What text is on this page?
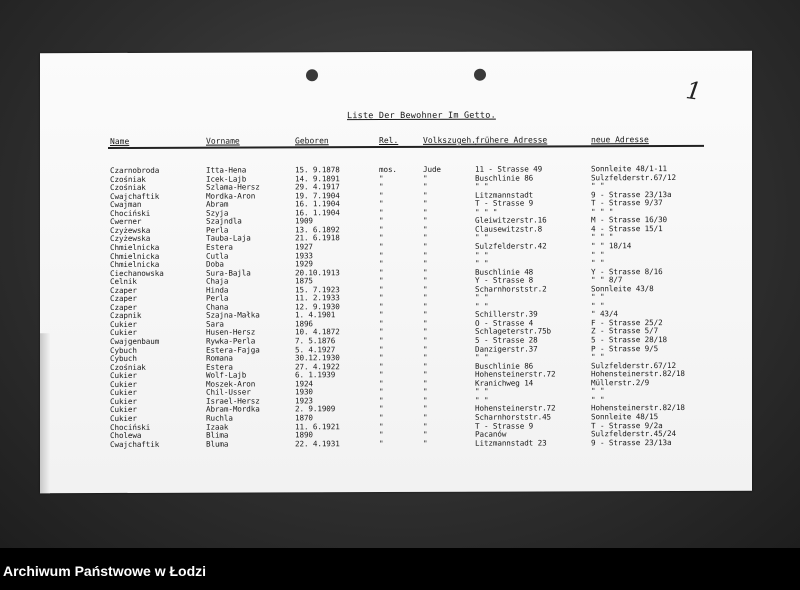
1
Liste Der Bewohner Im Getto.
Name	Vorname	Geboren	Rel.	Volkszugeh. frühere Adresse	neue Adresse
Czarnobroda	Itta-Hena	15. 9.1878	mos.	Jude	11 - Strasse 49	Sonnleite 48/1-11
Czośniak	Icek-Lajb	14. 9.1891	"	"	Buschlinie 86	Sulzfelderstr.67/12
Czośniak	Szlama-Hersz	29. 4.1917	"	"	" "	" "
Cwajchaftik	Mordka-Aron	19. 7.1904	"	"	Litzmannstadt	9 - Strasse 23/13a
Cwajman	Abram	16. 1.1904	"	"	T - Strasse 9	T - Strasse 9/37
Chociński	Szyja	16. 1.1904	"	"	" " "	" " "
Cwerner	Szajndla	1909	"	"	Gleiwitzerstr.16	M - Strasse 16/30
Czyżewska	Perla	13. 6.1892	"	"	Clausewitzstr.8	4 - Strasse 15/1
Czyżewska	Tauba-Laja	21. 6.1918	"	"	" "	" " "
Chmielnicka	Estera	1927	"	"	Sulzfelderstr.42	" " 18/14
Chmielnicka	Cutla	1933	"	"	" "	" "
Chmielnicka	Doba	1929	"	"	" "	" "
Ciechanowska	Sura-Bajla	20.10.1913	"	"	Buschlinie 48	Y - Strasse 8/16
Celnik	Chaja	1875	"	"	Y - Strasse 8	" " 8/7
Czaper	Hinda	15. 7.1923	"	"	Scharnhorststr.2	Sonnleite 43/8
Czaper	Perla	11. 2.1933	"	"	" "	" "
Czaper	Chana	12. 9.1930	"	"	" "	" "
Czapnik	Szajna-Małka	1. 4.1901	"	"	Schillerstr.39	" 43/4
Cukier	Sara	1896	"	"	O - Strasse 4	F - Strasse 25/2
Cukier	Husen-Hersz	10. 4.1872	"	"	Schlageterstr.75b	Z - Strasse 5/7
Cwajgenbaum	Rywka-Perla	7. 5.1876	"	"	5 - Strasse 28	5 - Strasse 28/18
Cybuch	Estera-Fajga	5. 4.1927	"	"	Danzigerstr.37	P - Strasse 9/5
Cybuch	Romana	30.12.1930	"	"	" "	" "
Czośniak	Estera	27. 4.1922	"	"	Buschlinie 86	Sulzfelderstr.67/12
Cukier	Wolf-Lajb	6. 1.1939	"	"	Hohensteinerstr.72	Hohensteinerstr.82/18
Cukier	Moszek-Aron	1924	"	"	Kranichweg 14	Müllerstr.2/9
Cukier	Chil-Usser	1930	"	"	" "	" "
Cukier	Israel-Hersz	1923	"	"	" "	" "
Cukier	Abram-Mordka	2. 9.1909	"	"	Hohensteinerstr.72	Hohensteinerstr.82/18
Cukier	Ruchla	1870	"	"	Scharnhorststr.45	Sonnleite 48/15
Chociński	Izaak	11. 6.1921	"	"	T - Strasse 9	T - Strasse 9/2a
Cholewa	Blima	1890	"	"	Pacanów	Sulzfelderstr.45/24
Cwajchaftik	Bluma	22. 4.1931	"	"	Litzmannstadt 23	9 - Strasse 23/13a
Archiwum Państwowe w Łodzi
